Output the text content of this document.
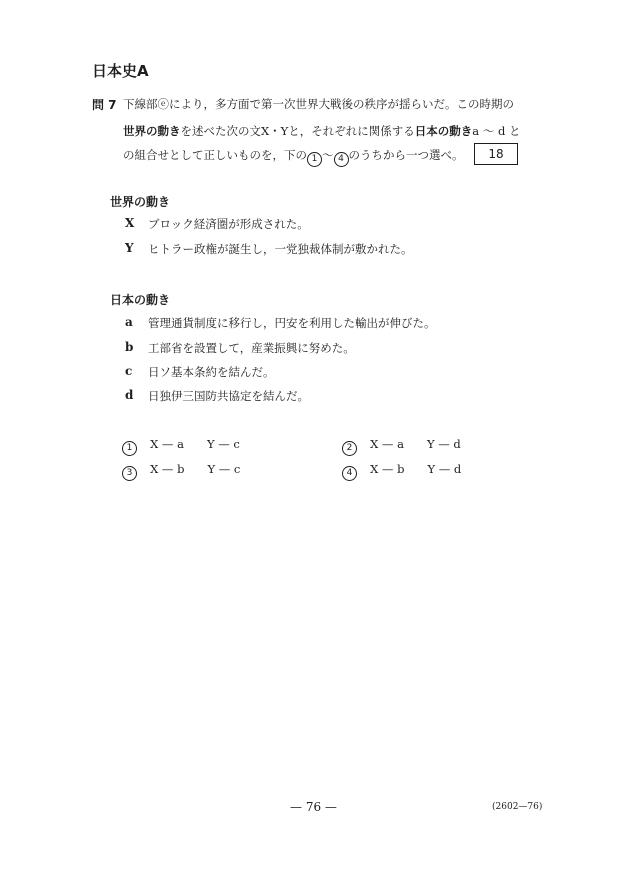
日本史A
問 7 下線部ⓔにより，多方面で第一次世界大戦後の秩序が揺らいだ。この時期の
世界の動きを述べた次の文X・Yと，それぞれに関係する日本の動きa ～ d と
の組合せとして正しいものを，下の 1 ～ 4 のうちから一つ選べ。	18
世界の動き
X ブロック経済圏が形成された。
Y ヒトラー政権が誕生し，一党独裁体制が敷かれた。
日本の動き
a 管理通貨制度に移行し，円安を利用した輸出が伸びた。
b 工部省を設置して，産業振興に努めた。
c 日ソ基本条約を結んだ。
d 日独伊三国防共協定を結んだ。
1 X — a　　Y — c	2 X — a　　Y — d
3 X — b　　Y — c	4 X — b　　Y — d
— 76 —	(2602—76)
